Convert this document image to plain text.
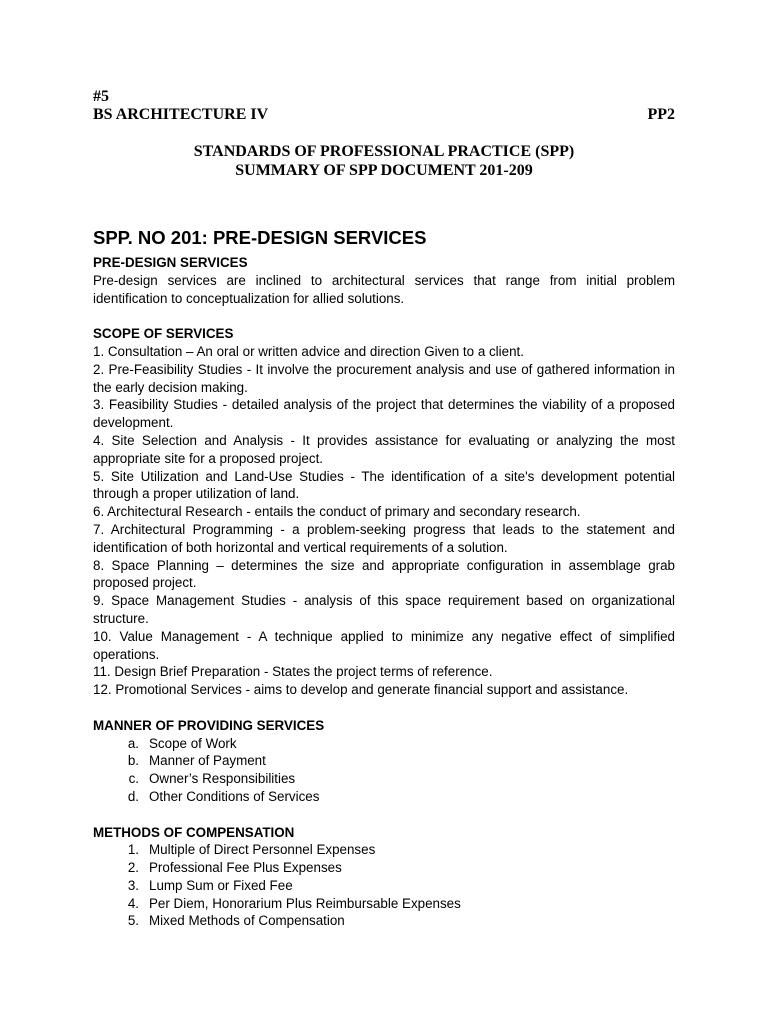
#5
BS ARCHITECTURE IV	PP2
STANDARDS OF PROFESSIONAL PRACTICE (SPP)
SUMMARY OF SPP DOCUMENT 201-209
SPP. NO 201: PRE-DESIGN SERVICES

PRE-DESIGN SERVICES

Pre-design services are inclined to architectural services that range from initial problem identification to conceptualization for allied solutions.

SCOPE OF SERVICES

1. Consultation – An oral or written advice and direction Given to a client.

2. Pre-Feasibility Studies - It involve the procurement analysis and use of gathered information in the early decision making.

3. Feasibility Studies - detailed analysis of the project that determines the viability of a proposed development.

4. Site Selection and Analysis - It provides assistance for evaluating or analyzing the most appropriate site for a proposed project.

5. Site Utilization and Land-Use Studies - The identification of a site's development potential through a proper utilization of land.

6. Architectural Research - entails the conduct of primary and secondary research.

7. Architectural Programming - a problem-seeking progress that leads to the statement and identification of both horizontal and vertical requirements of a solution.

8. Space Planning – determines the size and appropriate configuration in assemblage grab proposed project.

9. Space Management Studies - analysis of this space requirement based on organizational structure.

10. Value Management - A technique applied to minimize any negative effect of simplified operations.

11. Design Brief Preparation - States the project terms of reference.

12. Promotional Services - aims to develop and generate financial support and assistance.

MANNER OF PROVIDING SERVICES

a. Scope of Work
b. Manner of Payment
c. Owner’s Responsibilities
d. Other Conditions of Services

METHODS OF COMPENSATION

1. Multiple of Direct Personnel Expenses
2. Professional Fee Plus Expenses
3. Lump Sum or Fixed Fee
4. Per Diem, Honorarium Plus Reimbursable Expenses
5. Mixed Methods of Compensation
